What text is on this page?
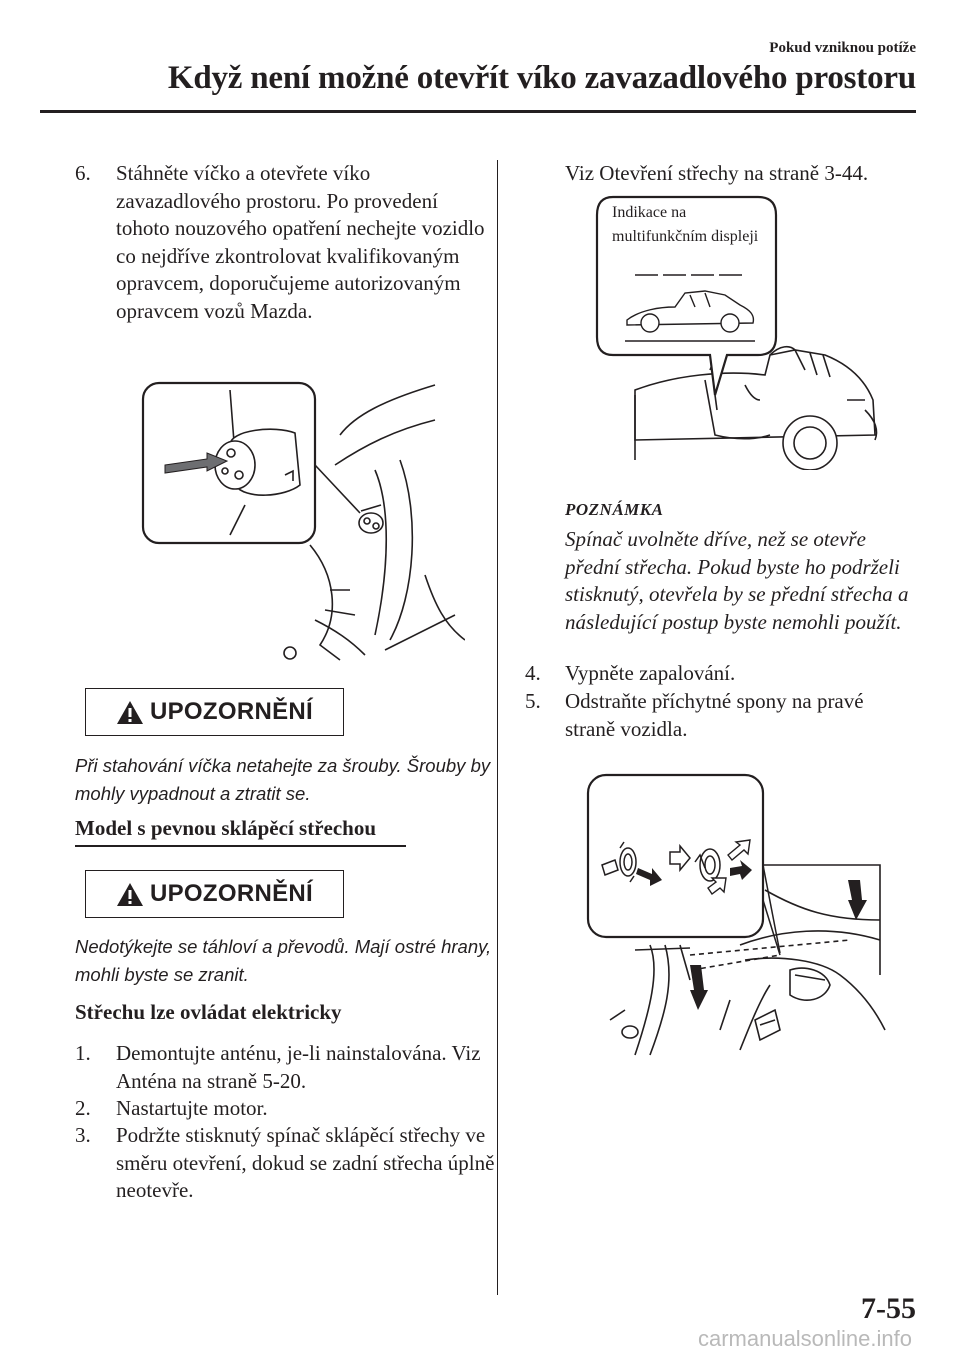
Pokud vzniknou potíže
Když není možné otevřít víko zavazadlového prostoru
6. Stáhněte víčko a otevřete víko zavazadlového prostoru. Po provedení tohoto nouzového opatření nechejte vozidlo co nejdříve zkontrolovat kvalifikovaným opravcem, doporučujeme autorizovaným opravcem vozů Mazda.
UPOZORNĚNÍ
Při stahování víčka netahejte za šrouby. Šrouby by mohly vypadnout a ztratit se.
Model s pevnou sklápěcí střechou
UPOZORNĚNÍ
Nedotýkejte se táhloví a převodů. Mají ostré hrany, mohli byste se zranit.
Střechu lze ovládat elektricky
1. Demontujte anténu, je-li nainstalována. Viz Anténa na straně 5-20.
2. Nastartujte motor.
3. Podržte stisknutý spínač sklápěcí střechy ve směru otevření, dokud se zadní střecha úplně neotevře.
Viz Otevření střechy na straně 3-44.
Indikace na multifunkčním displeji
POZNÁMKA
Spínač uvolněte dříve, než se otevře přední střecha. Pokud byste ho podrželi stisknutý, otevřela by se přední střecha a následující postup byste nemohli použít.
4. Vypněte zapalování.
5. Odstraňte příchytné spony na pravé straně vozidla.
7-55
carmanualsonline.info
